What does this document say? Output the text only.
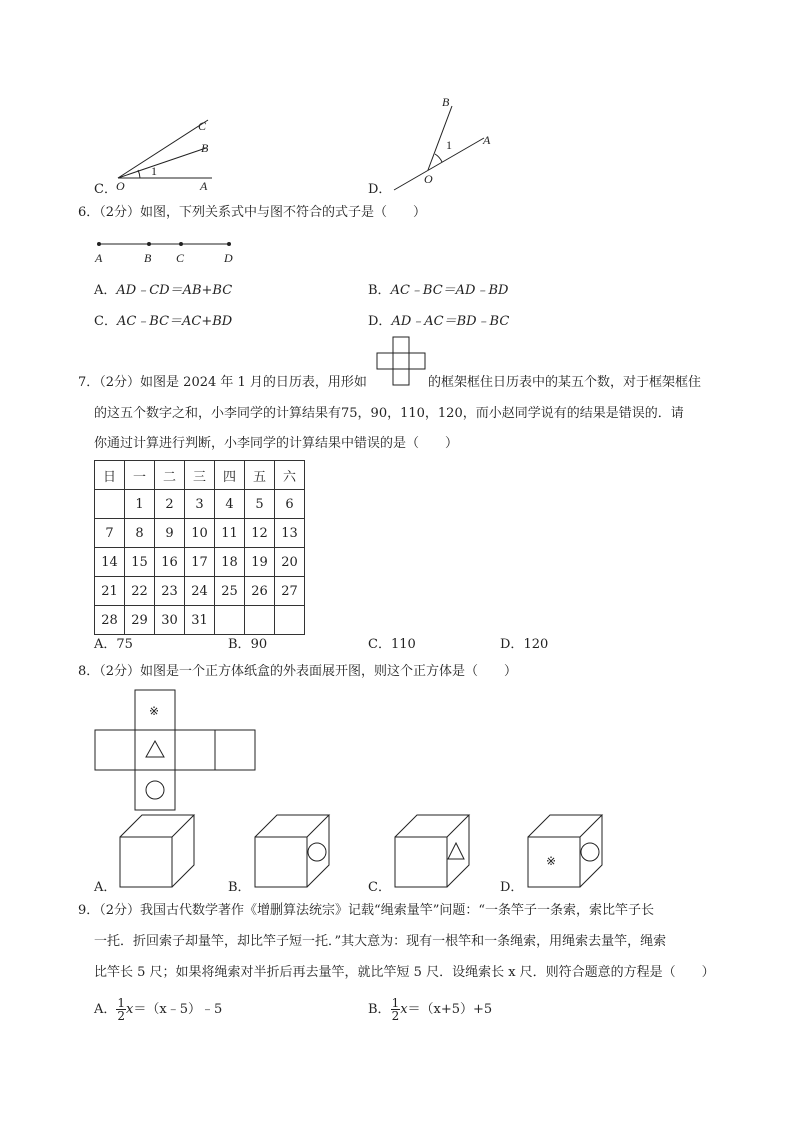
C
B
A
O
1
C．
B
A
O
1
D．
6．（2分）如图，下列关系式中与图不符合的式子是（　　）
A	B C	D
A．AD﹣CD＝AB+BC	B．AC﹣BC＝AD﹣BD
C．AC﹣BC＝AC+BD	D．AD﹣AC＝BD﹣BC
7．（2分）如图是 2024 年 1 月的日历表，用形如	的框架框住日历表中的某五个数，对于框架框住
的这五个数字之和，小李同学的计算结果有75，90，110，120，而小赵同学说有的结果是错误的．请
你通过计算进行判断，小李同学的计算结果中错误的是（　　）
日	一	二	三	四	五	六
	1	2	3	4	5	6
7	8	9	10	11	12	13
14	15	16	17	18	19	20
21	22	23	24	25	26	27
28	29	30	31			
A．75	B．90	C．110	D．120
8．（2分）如图是一个正方体纸盒的外表面展开图，则这个正方体是（　　）
※
A．	B．	C．
※
D．
9．（2分）我国古代数学著作《增删算法统宗》记载“绳索量竿”问题：“一条竿子一条索，索比竿子长
一托．折回索子却量竿，却比竿子短一托．”其大意为：现有一根竿和一条绳索，用绳索去量竿，绳索
比竿长 5 尺；如果将绳索对半折后再去量竿，就比竿短 5 尺．设绳索长 x 尺．则符合题意的方程是（　　）
A． $\frac{1}{2}$ x＝（x﹣5）﹣5	B． $\frac{1}{2} x=(x+5)+5$
